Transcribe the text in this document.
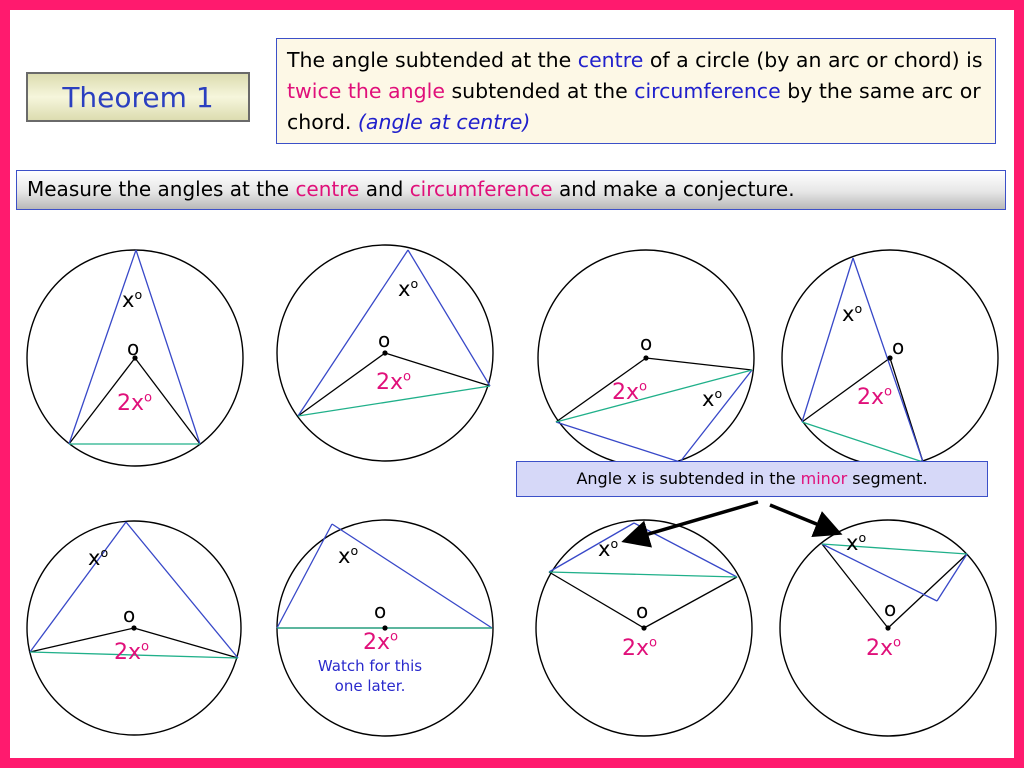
Theorem 1
The angle subtended at the centre of a circle (by an arc or chord) is twice the angle subtended at the circumference by the same arc or chord. (angle at centre)
Measure the angles at the centre and circumference and make a conjecture.
o
$x^o$
$2x^o$
o
$x^o$
$2x^o$
o
$x^o$
$2x^o$
o
$x^o$
$2x^o$
o
$x^o$
$2x^o$
o
$x^o$
$2x^o$
o
$x^o$
$2x^o$
o
$x^o$
$2x^o$
Angle x is subtended in the minor segment.
Watch for this
one later.
